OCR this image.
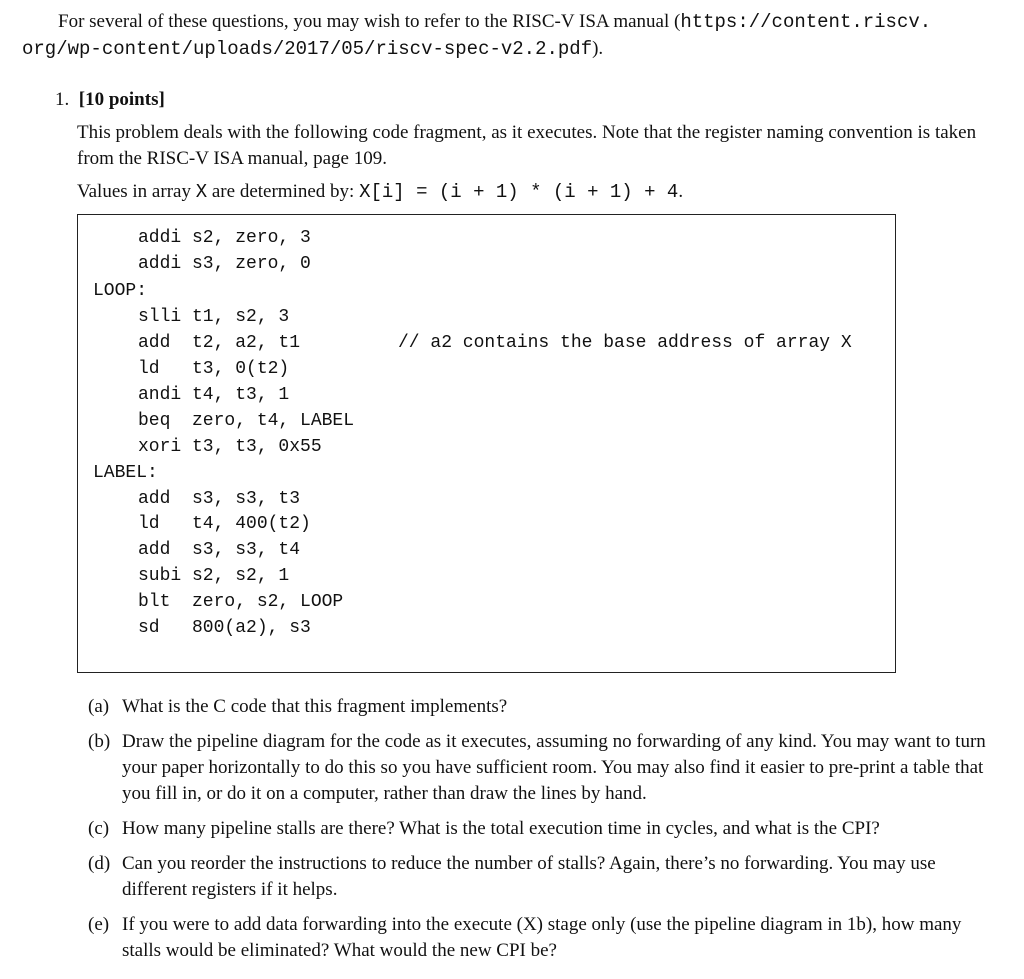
For several of these questions, you may wish to refer to the RISC-V ISA manual (https://content.riscv.
org/wp-content/uploads/2017/05/riscv-spec-v2.2.pdf).
1. [10 points]
This problem deals with the following code fragment, as it executes. Note that the register naming convention is taken from the RISC-V ISA manual, page 109.
Values in array X are determined by: X[i] = (i + 1) * (i + 1) + 4.
addi s2, zero, 3
addi s3, zero, 0
LOOP:
slli t1, s2, 3
add  t2, a2, t1
ld   t3, 0(t2)
andi t4, t3, 1
beq  zero, t4, LABEL
xori t3, t3, 0x55
LABEL:
add  s3, s3, t3
ld   t4, 400(t2)
add  s3, s3, t4
subi s2, s2, 1
blt  zero, s2, LOOP
sd   800(a2), s3
// a2 contains the base address of array X
(a) What is the C code that this fragment implements?
(b) Draw the pipeline diagram for the code as it executes, assuming no forwarding of any kind. You may want to turn your paper horizontally to do this so you have sufficient room. You may also find it easier to pre-print a table that you fill in, or do it on a computer, rather than draw the lines by hand.
(c) How many pipeline stalls are there? What is the total execution time in cycles, and what is the CPI?
(d) Can you reorder the instructions to reduce the number of stalls? Again, there’s no forwarding. You may use different registers if it helps.
(e) If you were to add data forwarding into the execute (X) stage only (use the pipeline diagram in 1b), how many stalls would be eliminated? What would the new CPI be?
